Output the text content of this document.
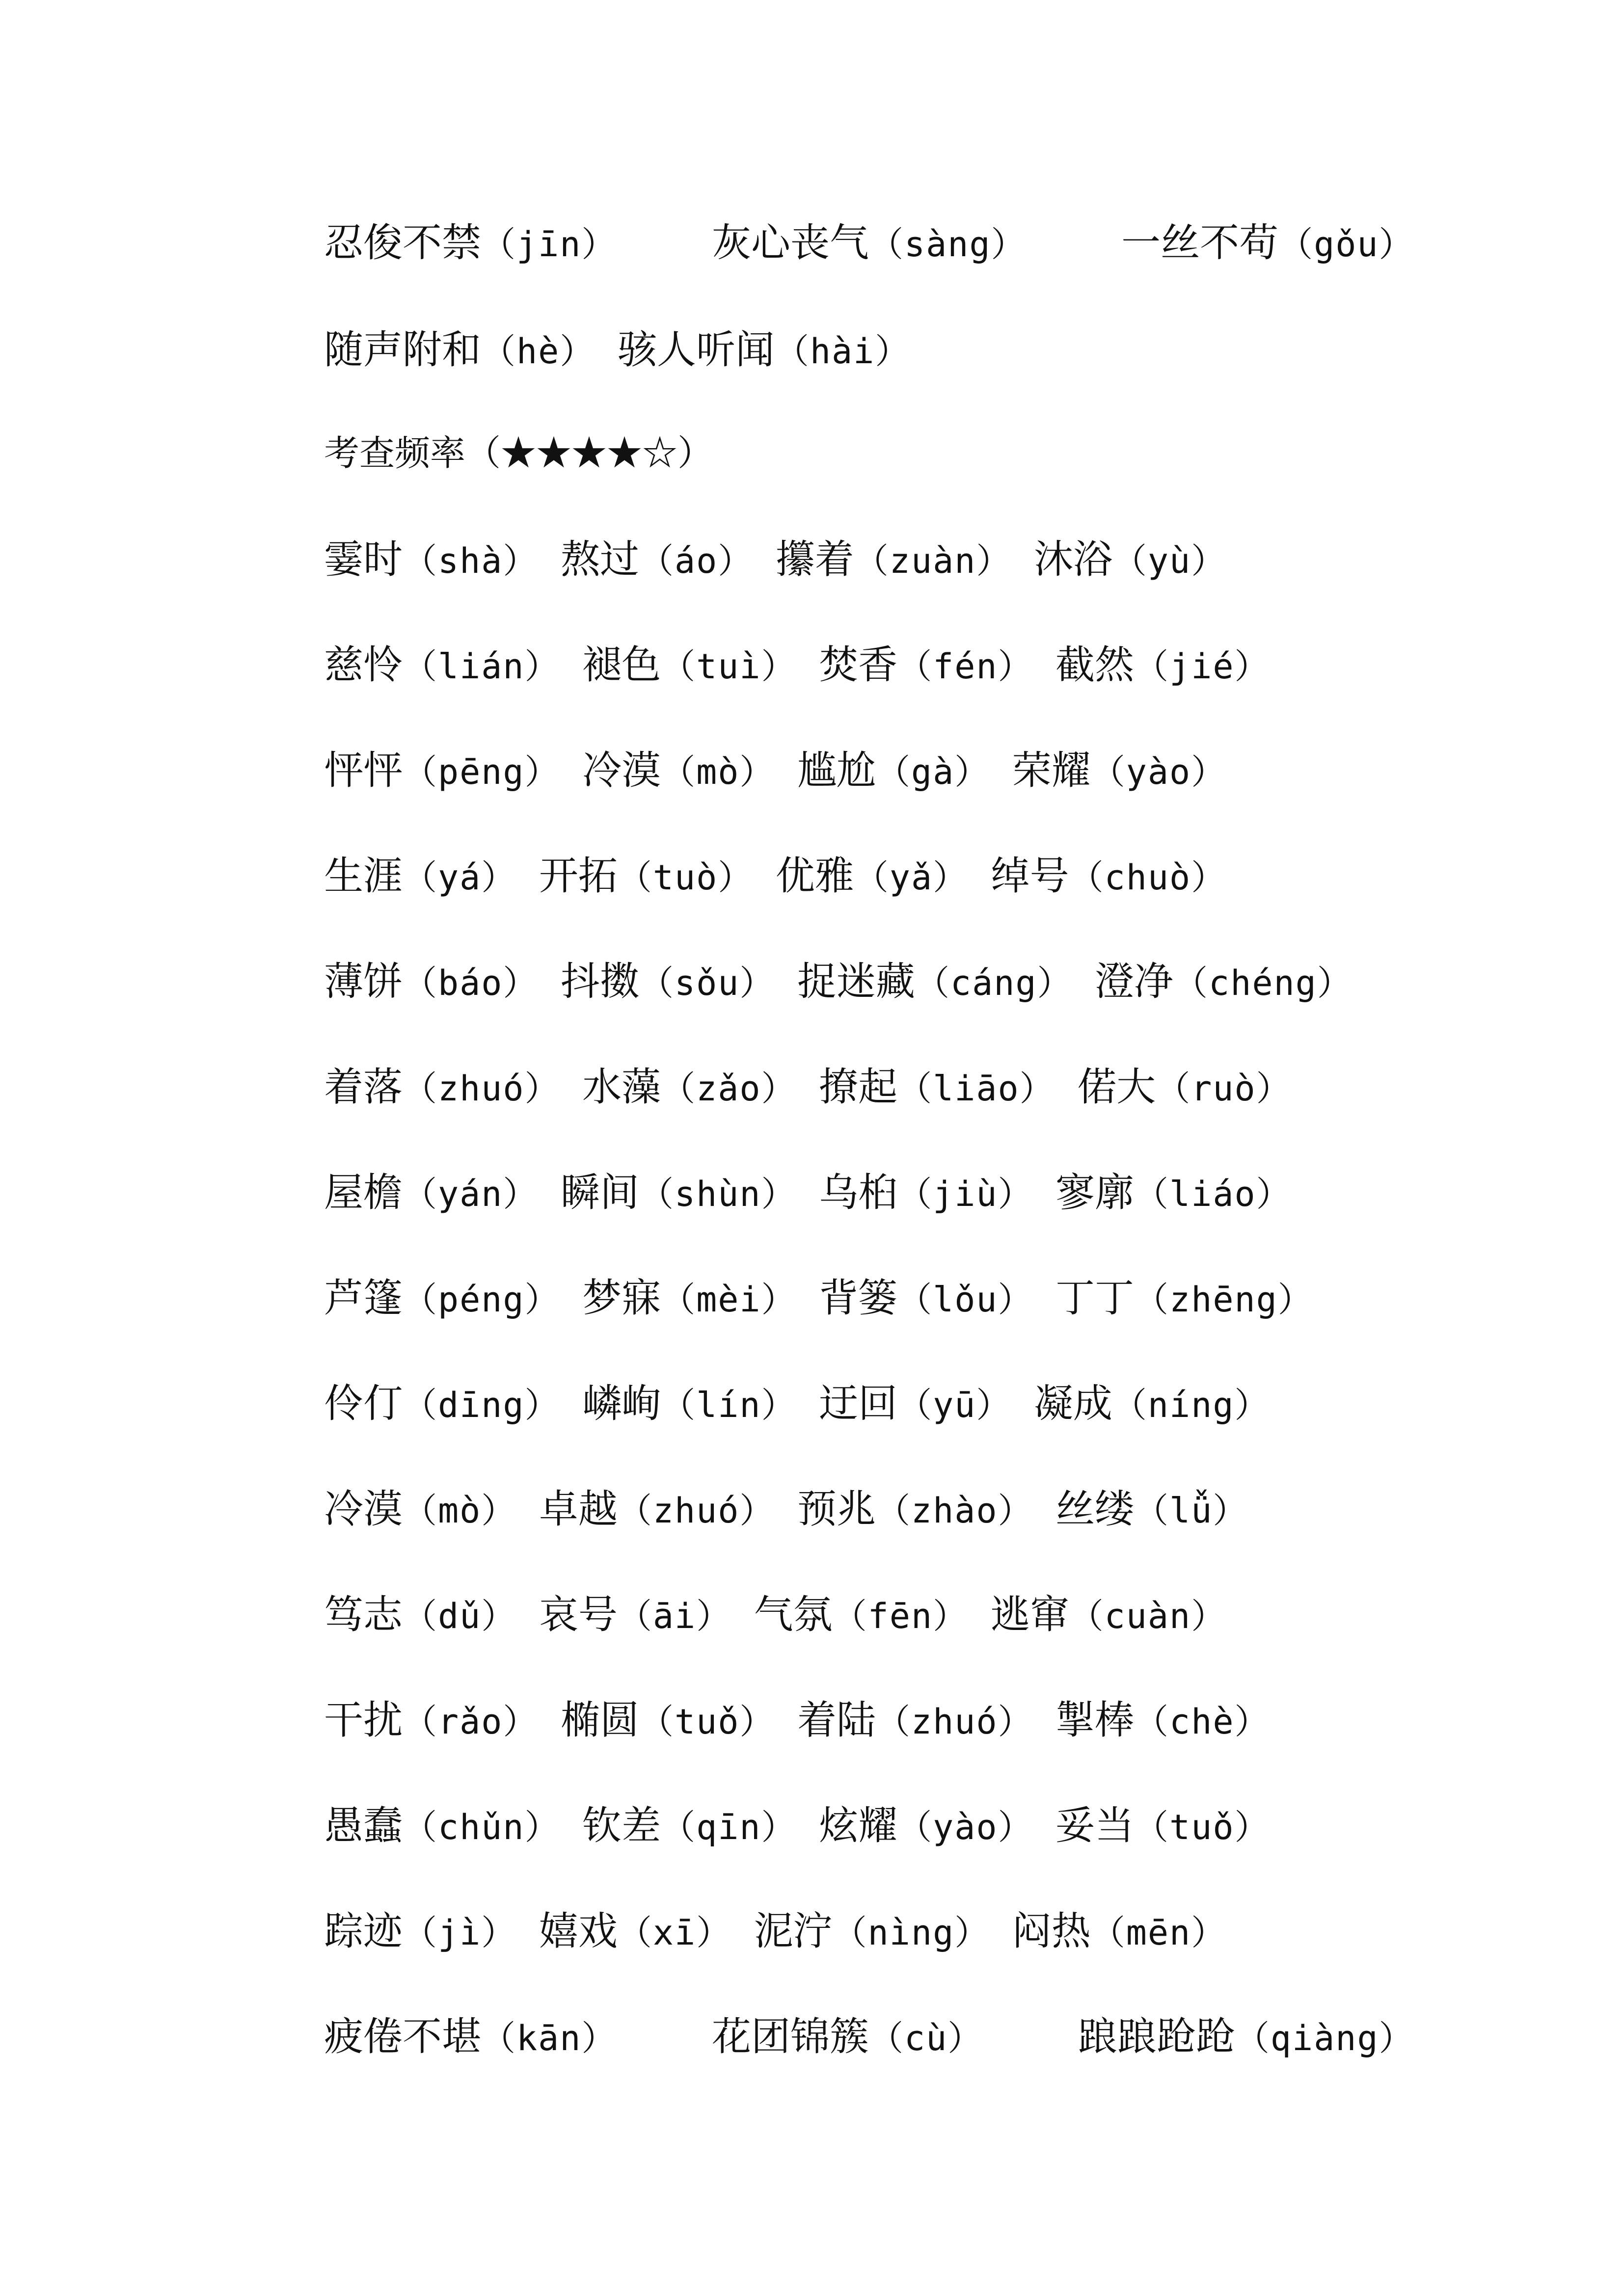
忍俊不禁（jīn） 灰心丧气（sàng） 一丝不苟（gǒu）
随声附和（hè） 骇人听闻（hài）
考查频率（★★★★☆）
霎时（shà） 熬过（áo） 攥着（zuàn） 沐浴（yù）
慈怜（lián） 褪色（tuì） 焚香（fén） 截然（jié）
怦怦（pēng） 冷漠（mò） 尴尬（gà） 荣耀（yào）
生涯（yá） 开拓（tuò） 优雅（yǎ） 绰号（chuò）
薄饼（báo） 抖擞（sǒu） 捉迷藏（cáng） 澄净（chéng）
着落（zhuó） 水藻（zǎo） 撩起（liāo） 偌大（ruò）
屋檐（yán） 瞬间（shùn） 乌桕（jiù） 寥廓（liáo）
芦篷（péng） 梦寐（mèi） 背篓（lǒu） 丁丁（zhēng）
伶仃（dīng） 嶙峋（lín） 迂回（yū） 凝成（níng）
冷漠（mò） 卓越（zhuó） 预兆（zhào） 丝缕（lǚ）
笃志（dǔ） 哀号（āi） 气氛（fēn） 逃窜（cuàn）
干扰（rǎo） 椭圆（tuǒ） 着陆（zhuó） 掣棒（chè）
愚蠢（chǔn） 钦差（qīn） 炫耀（yào） 妥当（tuǒ）
踪迹（jì） 嬉戏（xī） 泥泞（nìng） 闷热（mēn）
疲倦不堪（kān） 花团锦簇（cù） 踉踉跄跄（qiàng）
